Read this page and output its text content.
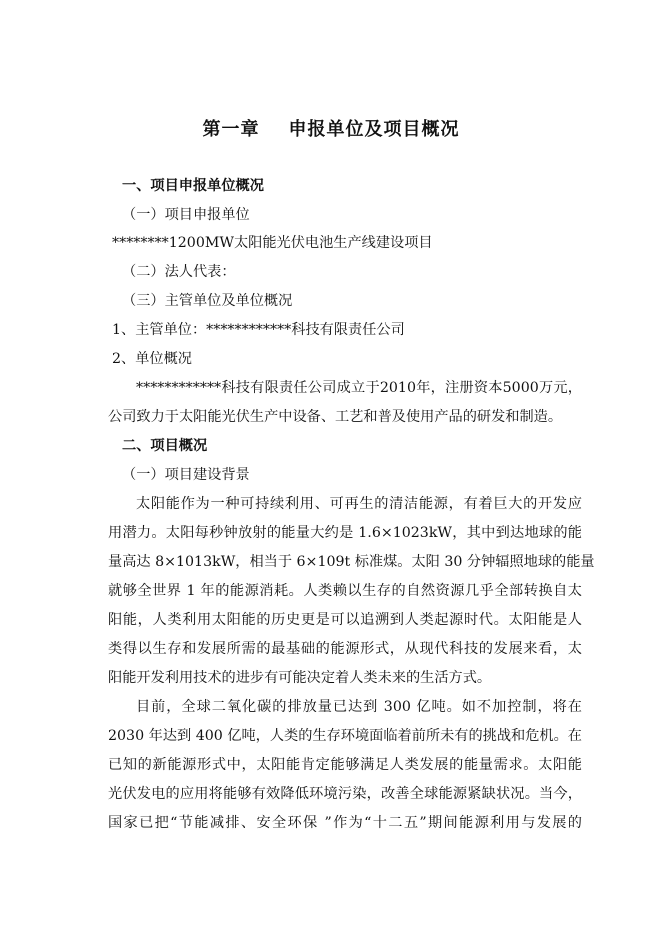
第一章    申报单位及项目概况
一、项目申报单位概况
（一）项目申报单位
********1200MW太阳能光伏电池生产线建设项目
（二）法人代表：
（三）主管单位及单位概况
1、主管单位：************科技有限责任公司
2、单位概况
************科技有限责任公司成立于2010年，注册资本5000万元，
公司致力于太阳能光伏生产中设备、工艺和普及使用产品的研发和制造。
二、项目概况
（一）项目建设背景
太阳能作为一种可持续利用、可再生的清洁能源，有着巨大的开发应
用潜力。太阳每秒钟放射的能量大约是 1.6×1023kW，其中到达地球的能
量高达 8×1013kW，相当于 6×109t 标准煤。太阳 30 分钟辐照地球的能量
就够全世界 1 年的能源消耗。人类赖以生存的自然资源几乎全部转换自太
阳能，人类利用太阳能的历史更是可以追溯到人类起源时代。太阳能是人
类得以生存和发展所需的最基础的能源形式，从现代科技的发展来看，太
阳能开发利用技术的进步有可能决定着人类未来的生活方式。
目前，全球二氧化碳的排放量已达到 300 亿吨。如不加控制，将在
2030 年达到 400 亿吨，人类的生存环境面临着前所未有的挑战和危机。在
已知的新能源形式中，太阳能肯定能够满足人类发展的能量需求。太阳能
光伏发电的应用将能够有效降低环境污染，改善全球能源紧缺状况。当今，
国家已把“节能减排、安全环保 ”作为“十二五”期间能源利用与发展的
